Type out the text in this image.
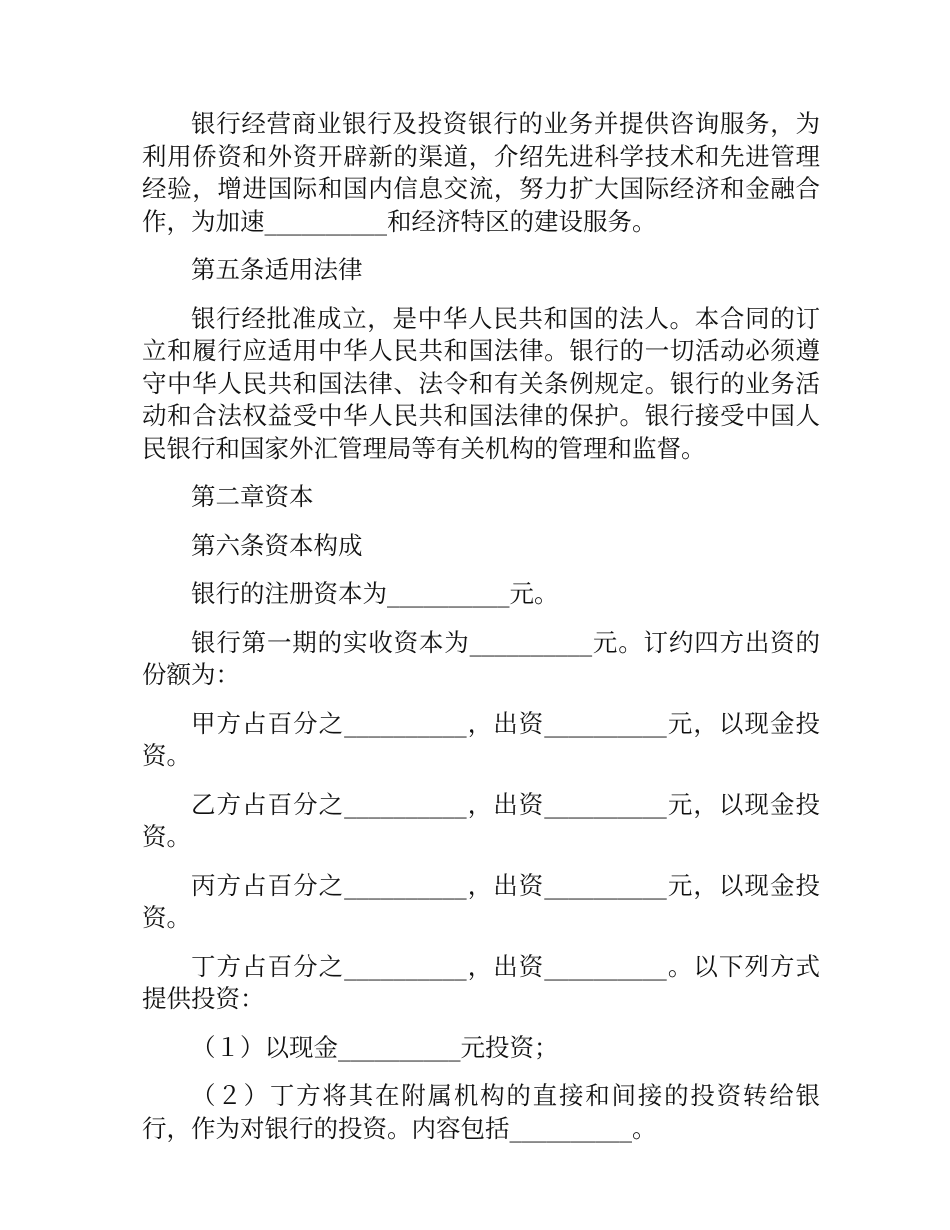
银行经营商业银行及投资银行的业务并提供咨询服务，为利用侨资和外资开辟新的渠道，介绍先进科学技术和先进管理经验，增进国际和国内信息交流，努力扩大国际经济和金融合作，为加速__________和经济特区的建设服务。

第五条适用法律

银行经批准成立，是中华人民共和国的法人。本合同的订立和履行应适用中华人民共和国法律。银行的一切活动必须遵守中华人民共和国法律、法令和有关条例规定。银行的业务活动和合法权益受中华人民共和国法律的保护。银行接受中国人民银行和国家外汇管理局等有关机构的管理和监督。

第二章资本

第六条资本构成

银行的注册资本为__________元。

银行第一期的实收资本为__________元。订约四方出资的份额为：

甲方占百分之__________，出资__________元，以现金投资。

乙方占百分之__________，出资__________元，以现金投资。

丙方占百分之__________，出资__________元，以现金投资。

丁方占百分之__________，出资__________。以下列方式提供投资：

（１）以现金__________元投资；

（２）丁方将其在附属机构的直接和间接的投资转给银行，作为对银行的投资。内容包括__________。
